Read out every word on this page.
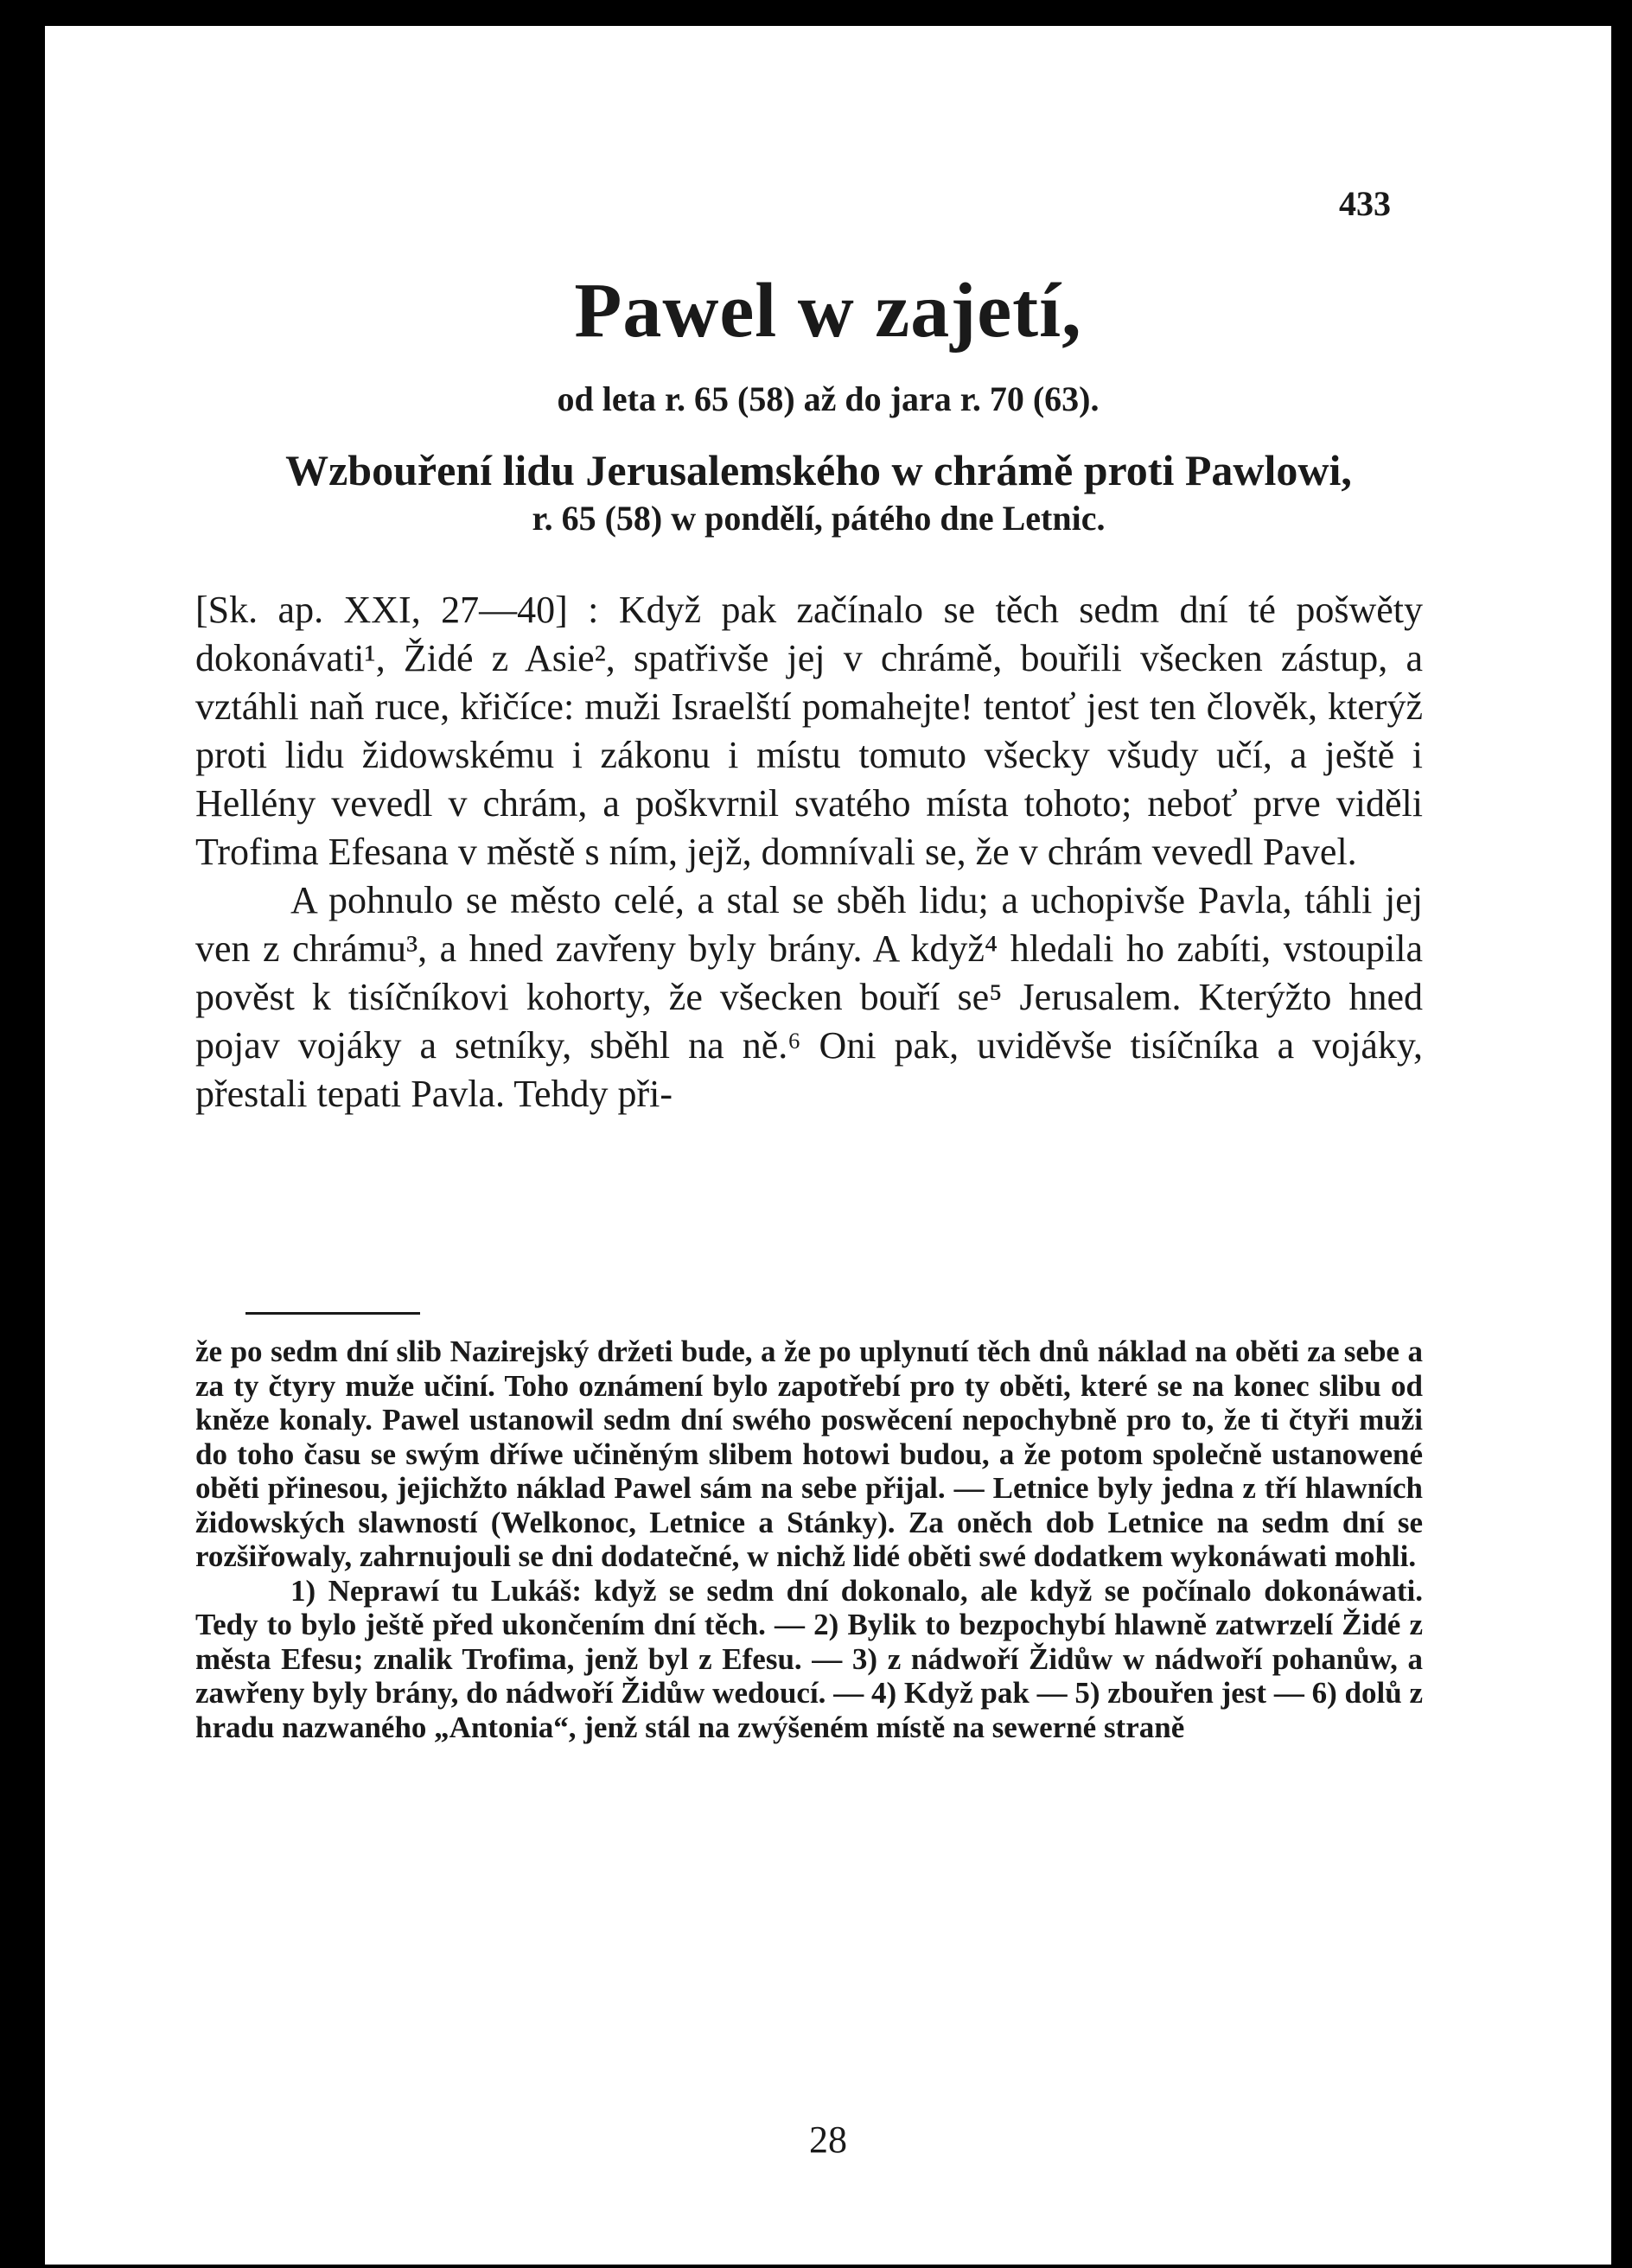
433
Pawel w zajetí,
od leta r. 65 (58) až do jara r. 70 (63).
Wzbouření lidu Jerusalemského w chrámě proti Pawlowi,
r. 65 (58) w pondělí, pátého dne Letnic.

[Sk. ap. XXI, 27—40] : Když pak začínalo se těch sedm dní té pošwěty dokonávati¹, Židé z Asie², spatřivše jej v chrámě, bouřili všecken zástup, a vztáhli naň ruce, křičíce: muži Israelští pomahejte! tentoť jest ten člověk, kterýž proti lidu židowskému i zákonu i místu tomuto všecky všudy učí, a ještě i Hellény vevedl v chrám, a poškvrnil svatého místa tohoto; neboť prve viděli Trofima Efesana v městě s ním, jejž, domnívali se, že v chrám vevedl Pavel.

A pohnulo se město celé, a stal se sběh lidu; a uchopivše Pavla, táhli jej ven z chrámu³, a hned zavřeny byly brány. A když⁴ hledali ho zabíti, vstoupila pověst k tisíčníkovi kohorty, že všecken bouří se⁵ Jerusalem. Kterýžto hned pojav vojáky a setníky, sběhl na ně.⁶ Oni pak, uviděvše tisíčníka a vojáky, přestali tepati Pavla. Tehdy při-

že po sedm dní slib Nazirejský držeti bude, a že po uplynutí těch dnů náklad na oběti za sebe a za ty čtyry muže učiní. Toho oznámení bylo zapotřebí pro ty oběti, které se na konec slibu od kněze konaly. Pawel ustanowil sedm dní swého poswěcení nepochybně pro to, že ti čtyři muži do toho času se swým dříwe učiněným slibem hotowi budou, a že potom společně ustanowené oběti přinesou, jejichžto náklad Pawel sám na sebe přijal. — Letnice byly jedna z tří hlawních židowských slawností (Welkonoc, Letnice a Stánky). Za oněch dob Letnice na sedm dní se rozšiřowaly, zahrnujouli se dni dodatečné, w nichž lidé oběti swé dodatkem wykonáwati mohli.

1) Nepraw​í tu Lukáš: když se sedm dní dokonalo, ale když se počínalo dokonáwati. Tedy to bylo ještě před ukončením dní těch. — 2) Bylik to bezpochybí hlawně zatwrzelí Židé z města Efesu; znalik Trofima, jenž byl z Efesu. — 3) z nádwoří Židůw w nádwoří pohanůw, a zawřeny byly brány, do nádwoří Židůw wedoucí. — 4) Když pak — 5) zbouřen jest — 6) dolů z hradu nazwaného „Antonia“, jenž stál na zwýšeném místě na sewerné straně

28
